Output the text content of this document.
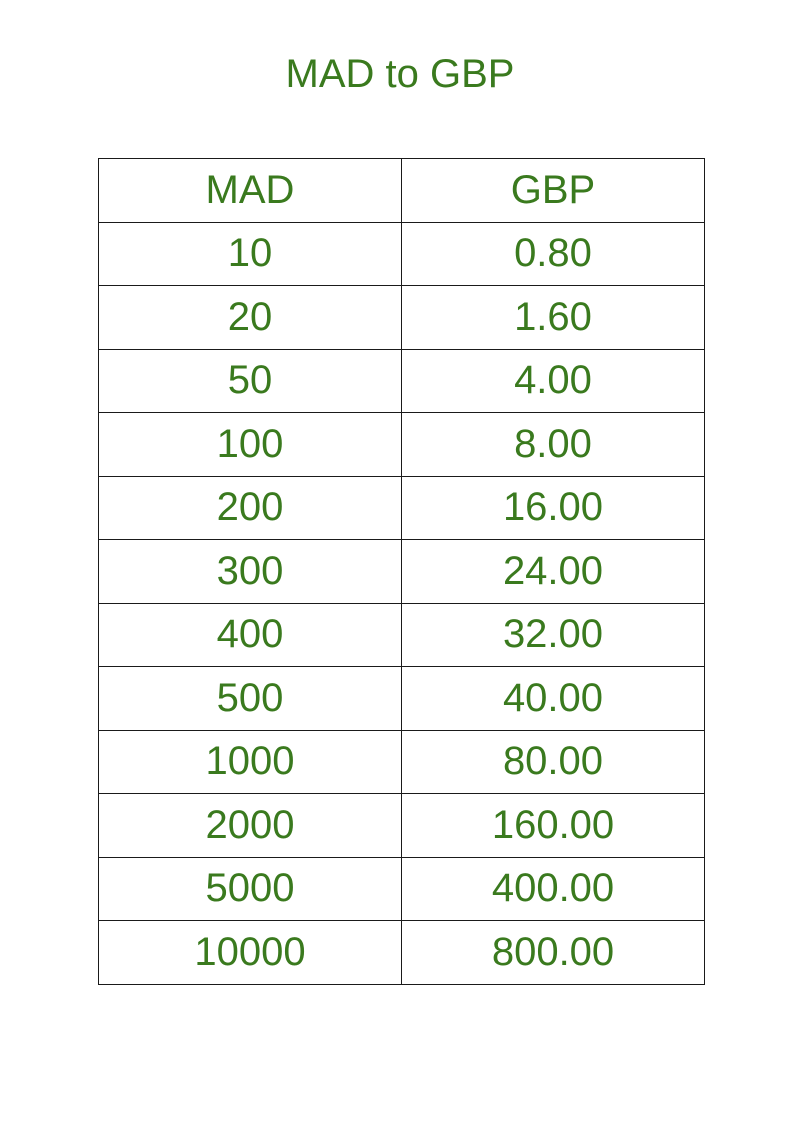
MAD to GBP
MAD	GBP
10	0.80
20	1.60
50	4.00
100	8.00
200	16.00
300	24.00
400	32.00
500	40.00
1000	80.00
2000	160.00
5000	400.00
10000	800.00
